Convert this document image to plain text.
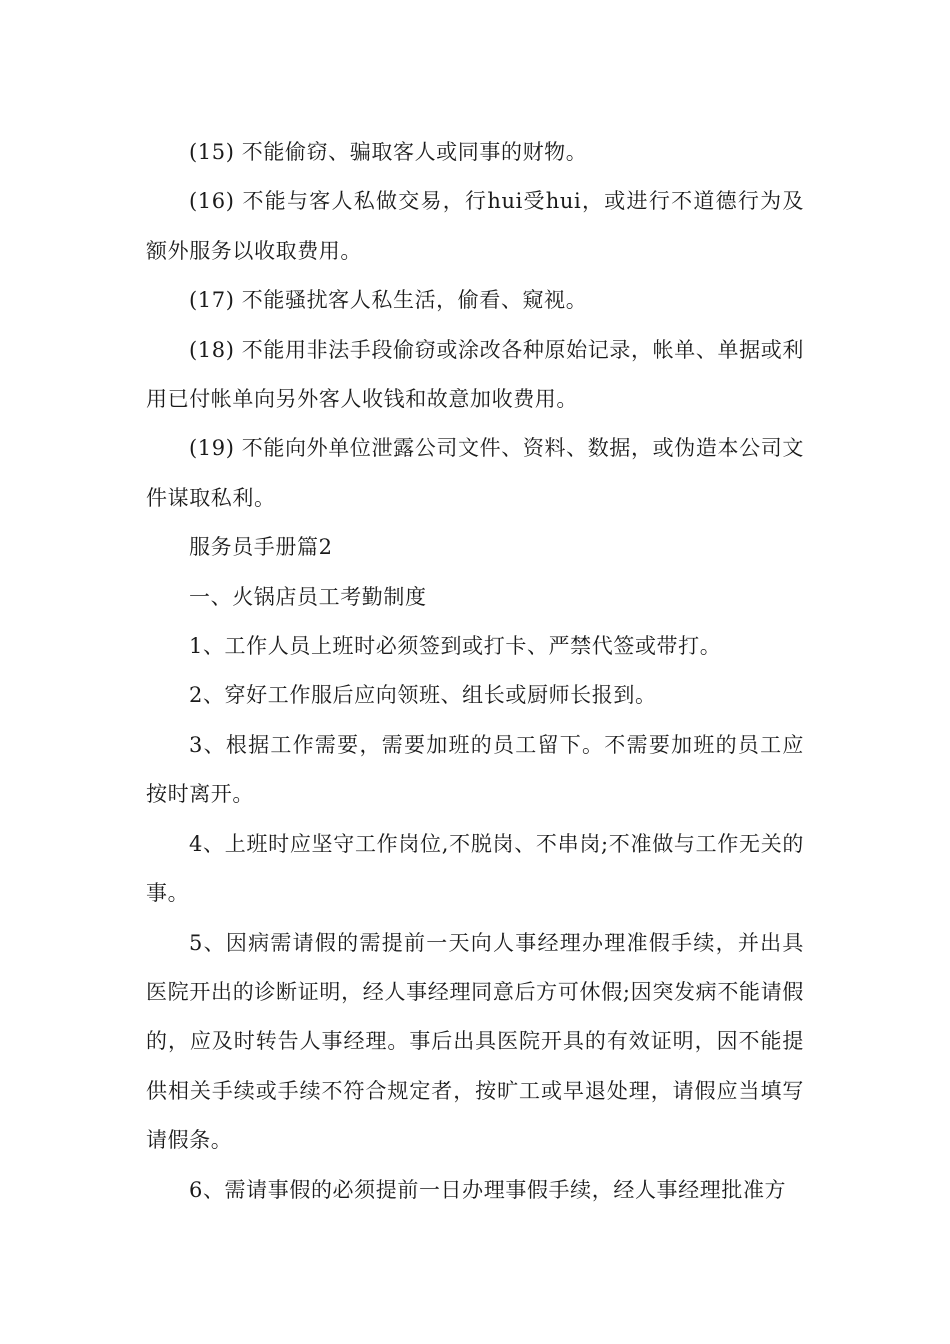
(15) 不能偷窃、骗取客人或同事的财物。

(16) 不能与客人私做交易，行hui受hui，或进行不道德行为及额外服务以收取费用。

(17) 不能骚扰客人私生活，偷看、窥视。

(18) 不能用非法手段偷窃或涂改各种原始记录，帐单、单据或利用已付帐单向另外客人收钱和故意加收费用。

(19) 不能向外单位泄露公司文件、资料、数据，或伪造本公司文件谋取私利。

服务员手册篇2

一、火锅店员工考勤制度

1、工作人员上班时必须签到或打卡、严禁代签或带打。

2、穿好工作服后应向领班、组长或厨师长报到。

3、根据工作需要，需要加班的员工留下。不需要加班的员工应按时离开。

4、上班时应坚守工作岗位,不脱岗、不串岗;不准做与工作无关的事。

5、因病需请假的需提前一天向人事经理办理准假手续，并出具医院开出的诊断证明，经人事经理同意后方可休假;因突发病不能请假的，应及时转告人事经理。事后出具医院开具的有效证明，因不能提供相关手续或手续不符合规定者，按旷工或早退处理，请假应当填写请假条。

6、需请事假的必须提前一日办理事假手续，经人事经理批准方
